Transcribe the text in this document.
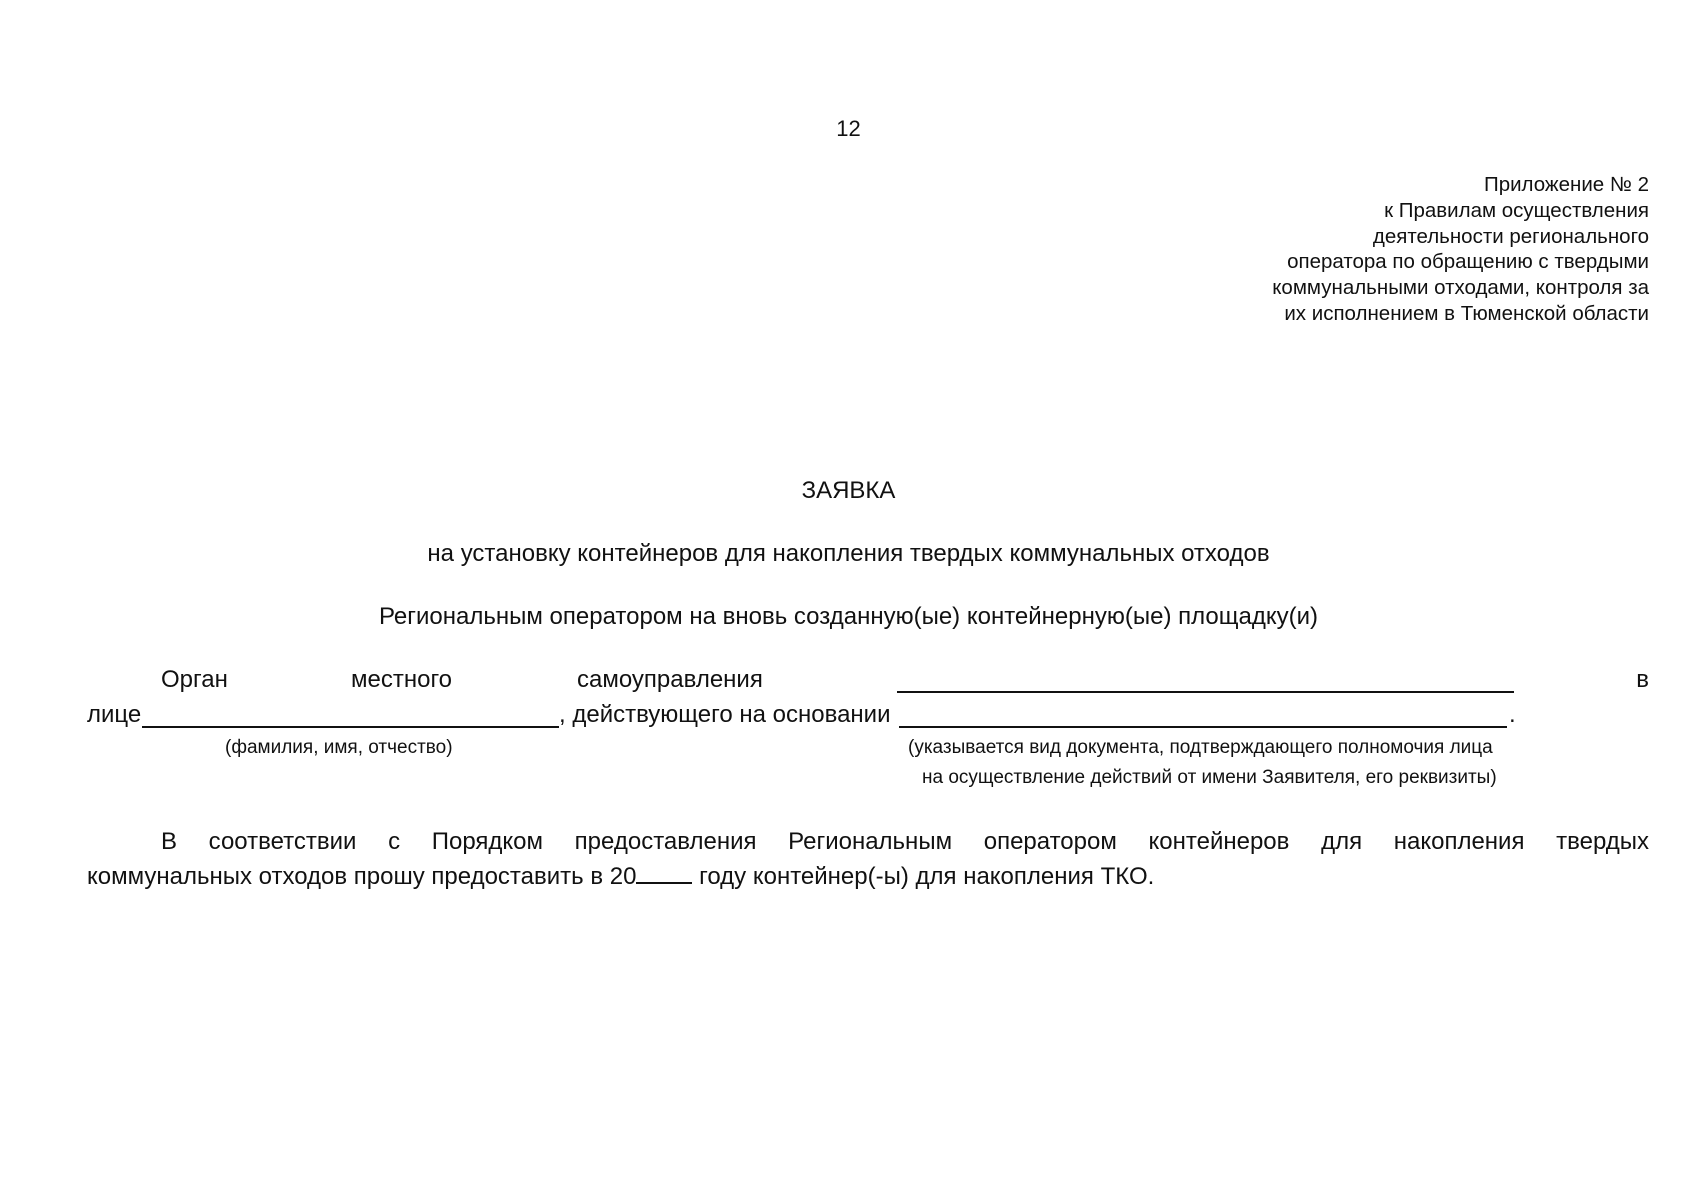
12
Приложение № 2
к Правилам осуществления
деятельности регионального
оператора по обращению с твердыми
коммунальными отходами, контроля за
их исполнением в Тюменской области
ЗАЯВКА
на установку контейнеров для накопления твердых коммунальных отходов
Региональным оператором на вновь созданную(ые) контейнерную(ые) площадку(и)
Орган	местного	самоуправления	в
лице	, действующего на основании	.
(фамилия, имя, отчество)	(указывается вид документа, подтверждающего полномочия лица
на осуществление действий от имени Заявителя, его реквизиты)
В соответствии с Порядком предоставления Региональным оператором контейнеров для накопления твердых
коммунальных отходов прошу предоставить в 20 году контейнер(-ы) для накопления ТКО.
